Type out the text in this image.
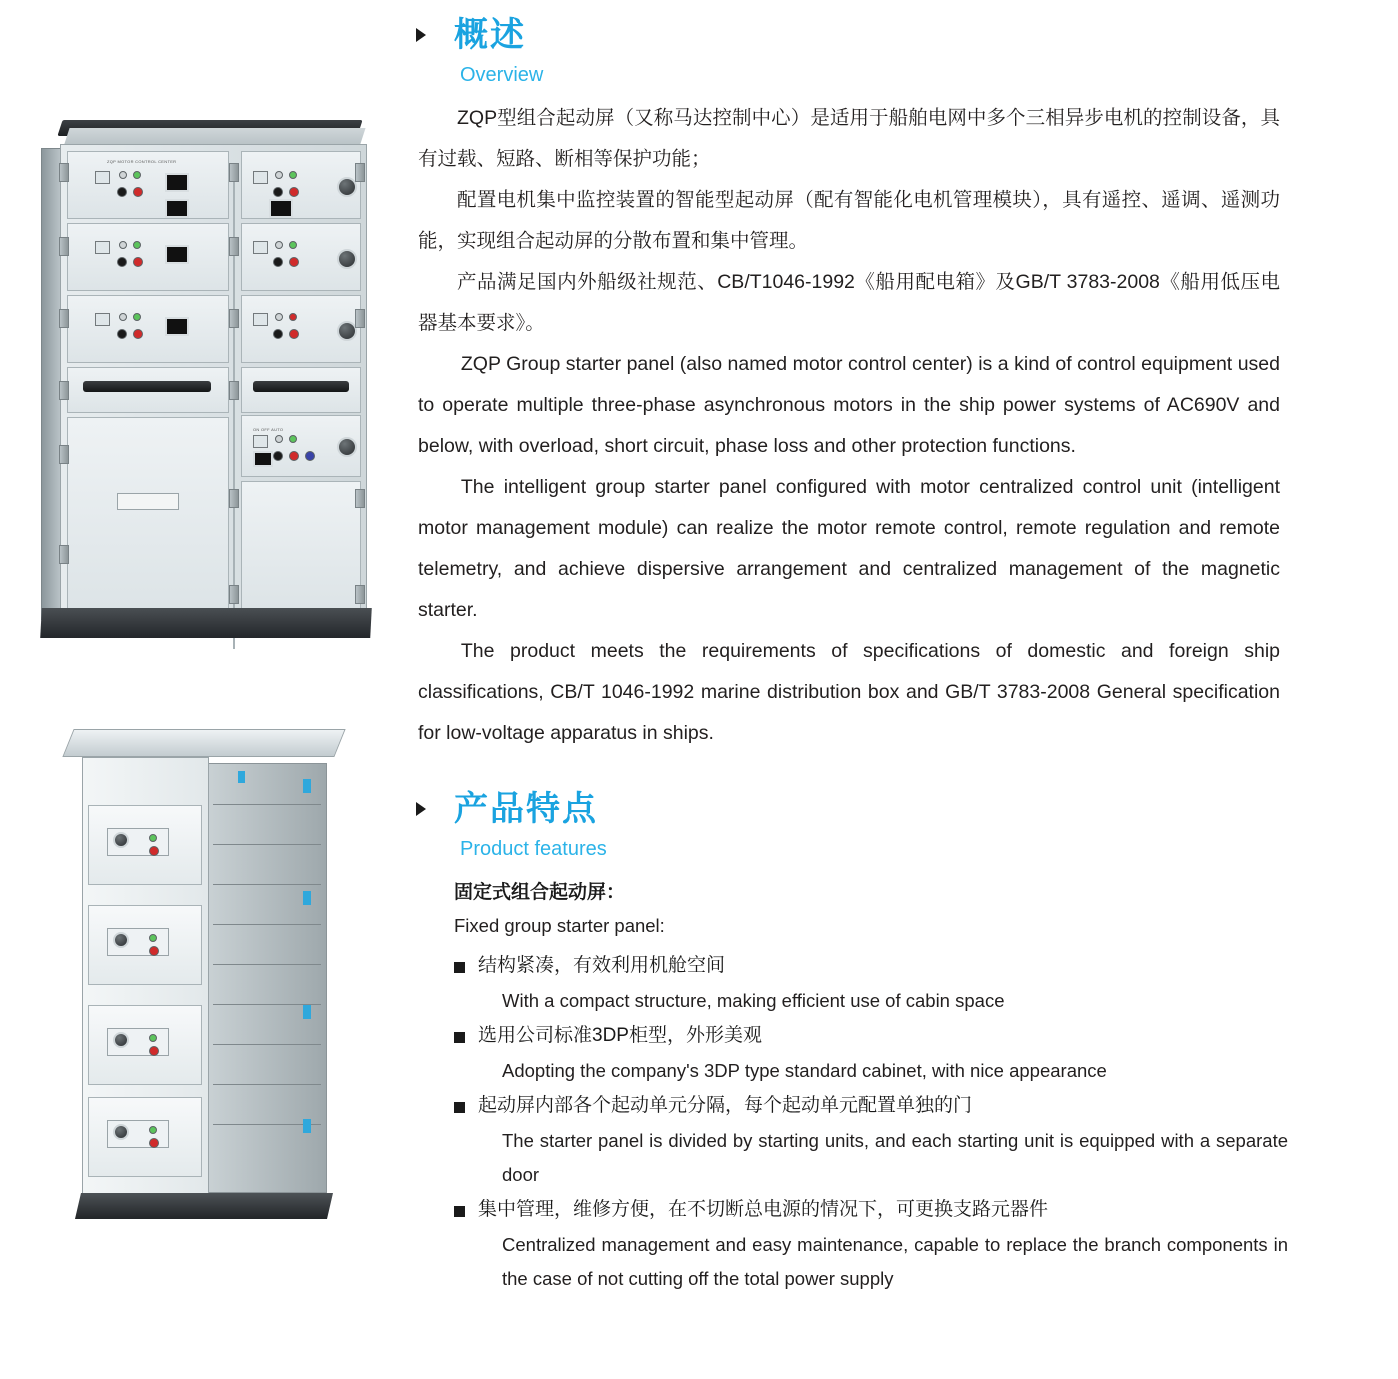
ON OFF AUTO
ZQP MOTOR CONTROL CENTER
概述
Overview

ZQP型组合起动屏（又称马达控制中心）是适用于船舶电网中多个三相异步电机的控制设备，具有过载、短路、断相等保护功能；

配置电机集中监控装置的智能型起动屏（配有智能化电机管理模块），具有遥控、遥调、遥测功能，实现组合起动屏的分散布置和集中管理。

产品满足国内外船级社规范、CB/T1046-1992《船用配电箱》及GB/T 3783-2008《船用低压电器基本要求》。

ZQP Group starter panel (also named motor control center) is a kind of control equipment used to operate multiple three-phase asynchronous motors in the ship power systems of AC690V and below, with overload, short circuit, phase loss and other protection functions.

The intelligent group starter panel configured with motor centralized control unit (intelligent motor management module) can realize the motor remote control, remote regulation and remote telemetry, and achieve dispersive arrangement and centralized management of the magnetic starter.

The product meets the requirements of specifications of domestic and foreign ship classifications, CB/T 1046-1992 marine distribution box and GB/T 3783-2008 General specification for low-voltage apparatus in ships.

产品特点
Product features
固定式组合起动屏：
Fixed group starter panel:
结构紧凑，有效利用机舱空间
With a compact structure, making efficient use of cabin space
选用公司标准3DP柜型，外形美观
Adopting the company's 3DP type standard cabinet, with nice appearance
起动屏内部各个起动单元分隔，每个起动单元配置单独的门
The starter panel is divided by starting units, and each starting unit is equipped with a separate door
集中管理，维修方便，在不切断总电源的情况下，可更换支路元器件
Centralized management and easy maintenance, capable to replace the branch components in the case of not cutting off the total power supply
